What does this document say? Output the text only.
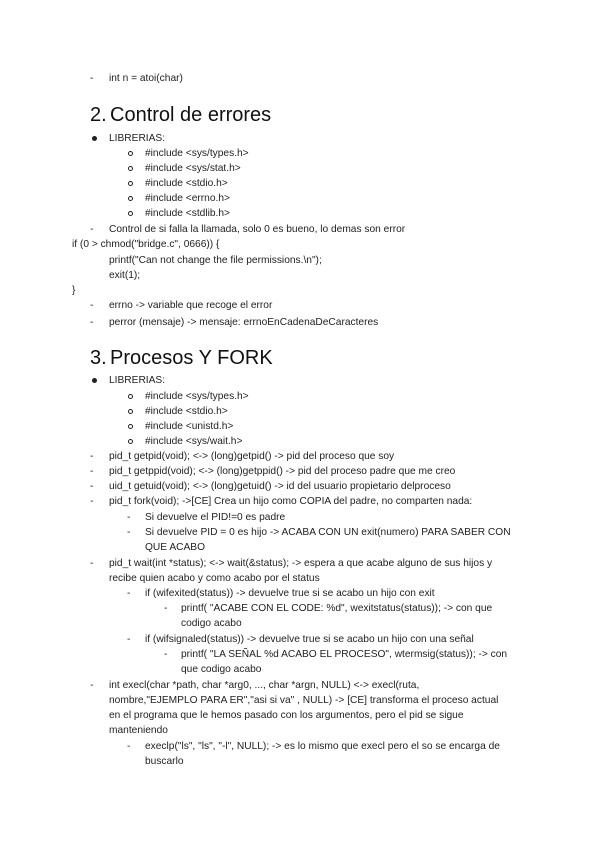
- int n = atoi(char)
2. Control de errores
LIBRERIAS:
#include <sys/types.h>
#include <sys/stat.h>
#include <stdio.h>
#include <errno.h>
#include <stdlib.h>
- Control de si falla la llamada, solo 0 es bueno, lo demas son error
if (0 > chmod("bridge.c", 0666)) {
printf("Can not change the file permissions.\n");
exit(1);
}
- errno -> variable que recoge el error
- perror (mensaje) -> mensaje: errnoEnCadenaDeCaracteres
3. Procesos Y FORK
LIBRERIAS:
#include <sys/types.h>
#include <stdio.h>
#include <unistd.h>
#include <sys/wait.h>
- pid_t getpid(void); <-> (long)getpid() -> pid del proceso que soy
- pid_t getppid(void); <-> (long)getppid() -> pid del proceso padre que me creo
- uid_t getuid(void); <-> (long)getuid() -> id del usuario propietario delproceso
- pid_t fork(void); ->[CE] Crea un hijo como COPIA del padre, no comparten nada:
- Si devuelve el PID!=0 es padre
- Si devuelve PID = 0 es hijo -> ACABA CON UN exit(numero) PARA SABER CON
QUE ACABO
- pid_t wait(int *status); <-> wait(&status); -> espera a que acabe alguno de sus hijos y
recibe quien acabo y como acabo por el status
- if (wifexited(status)) -> devuelve true si se acabo un hijo con exit
- printf( "ACABE CON EL CODE: %d", wexitstatus(status)); -> con que
codigo acabo
- if (wifsignaled(status)) -> devuelve true si se acabo un hijo con una señal
- printf( "LA SEÑAL %d ACABO EL PROCESO", wtermsig(status)); -> con
que codigo acabo
- int execl(char *path, char *arg0, ..., char *argn, NULL) <-> execl(ruta,
nombre,"EJEMPLO PARA ER","asi si va" , NULL) -> [CE] transforma el proceso actual
en el programa que le hemos pasado con los argumentos, pero el pid se sigue
manteniendo
- execlp("ls", "ls", "-l", NULL); -> es lo mismo que execl pero el so se encarga de
buscarlo
